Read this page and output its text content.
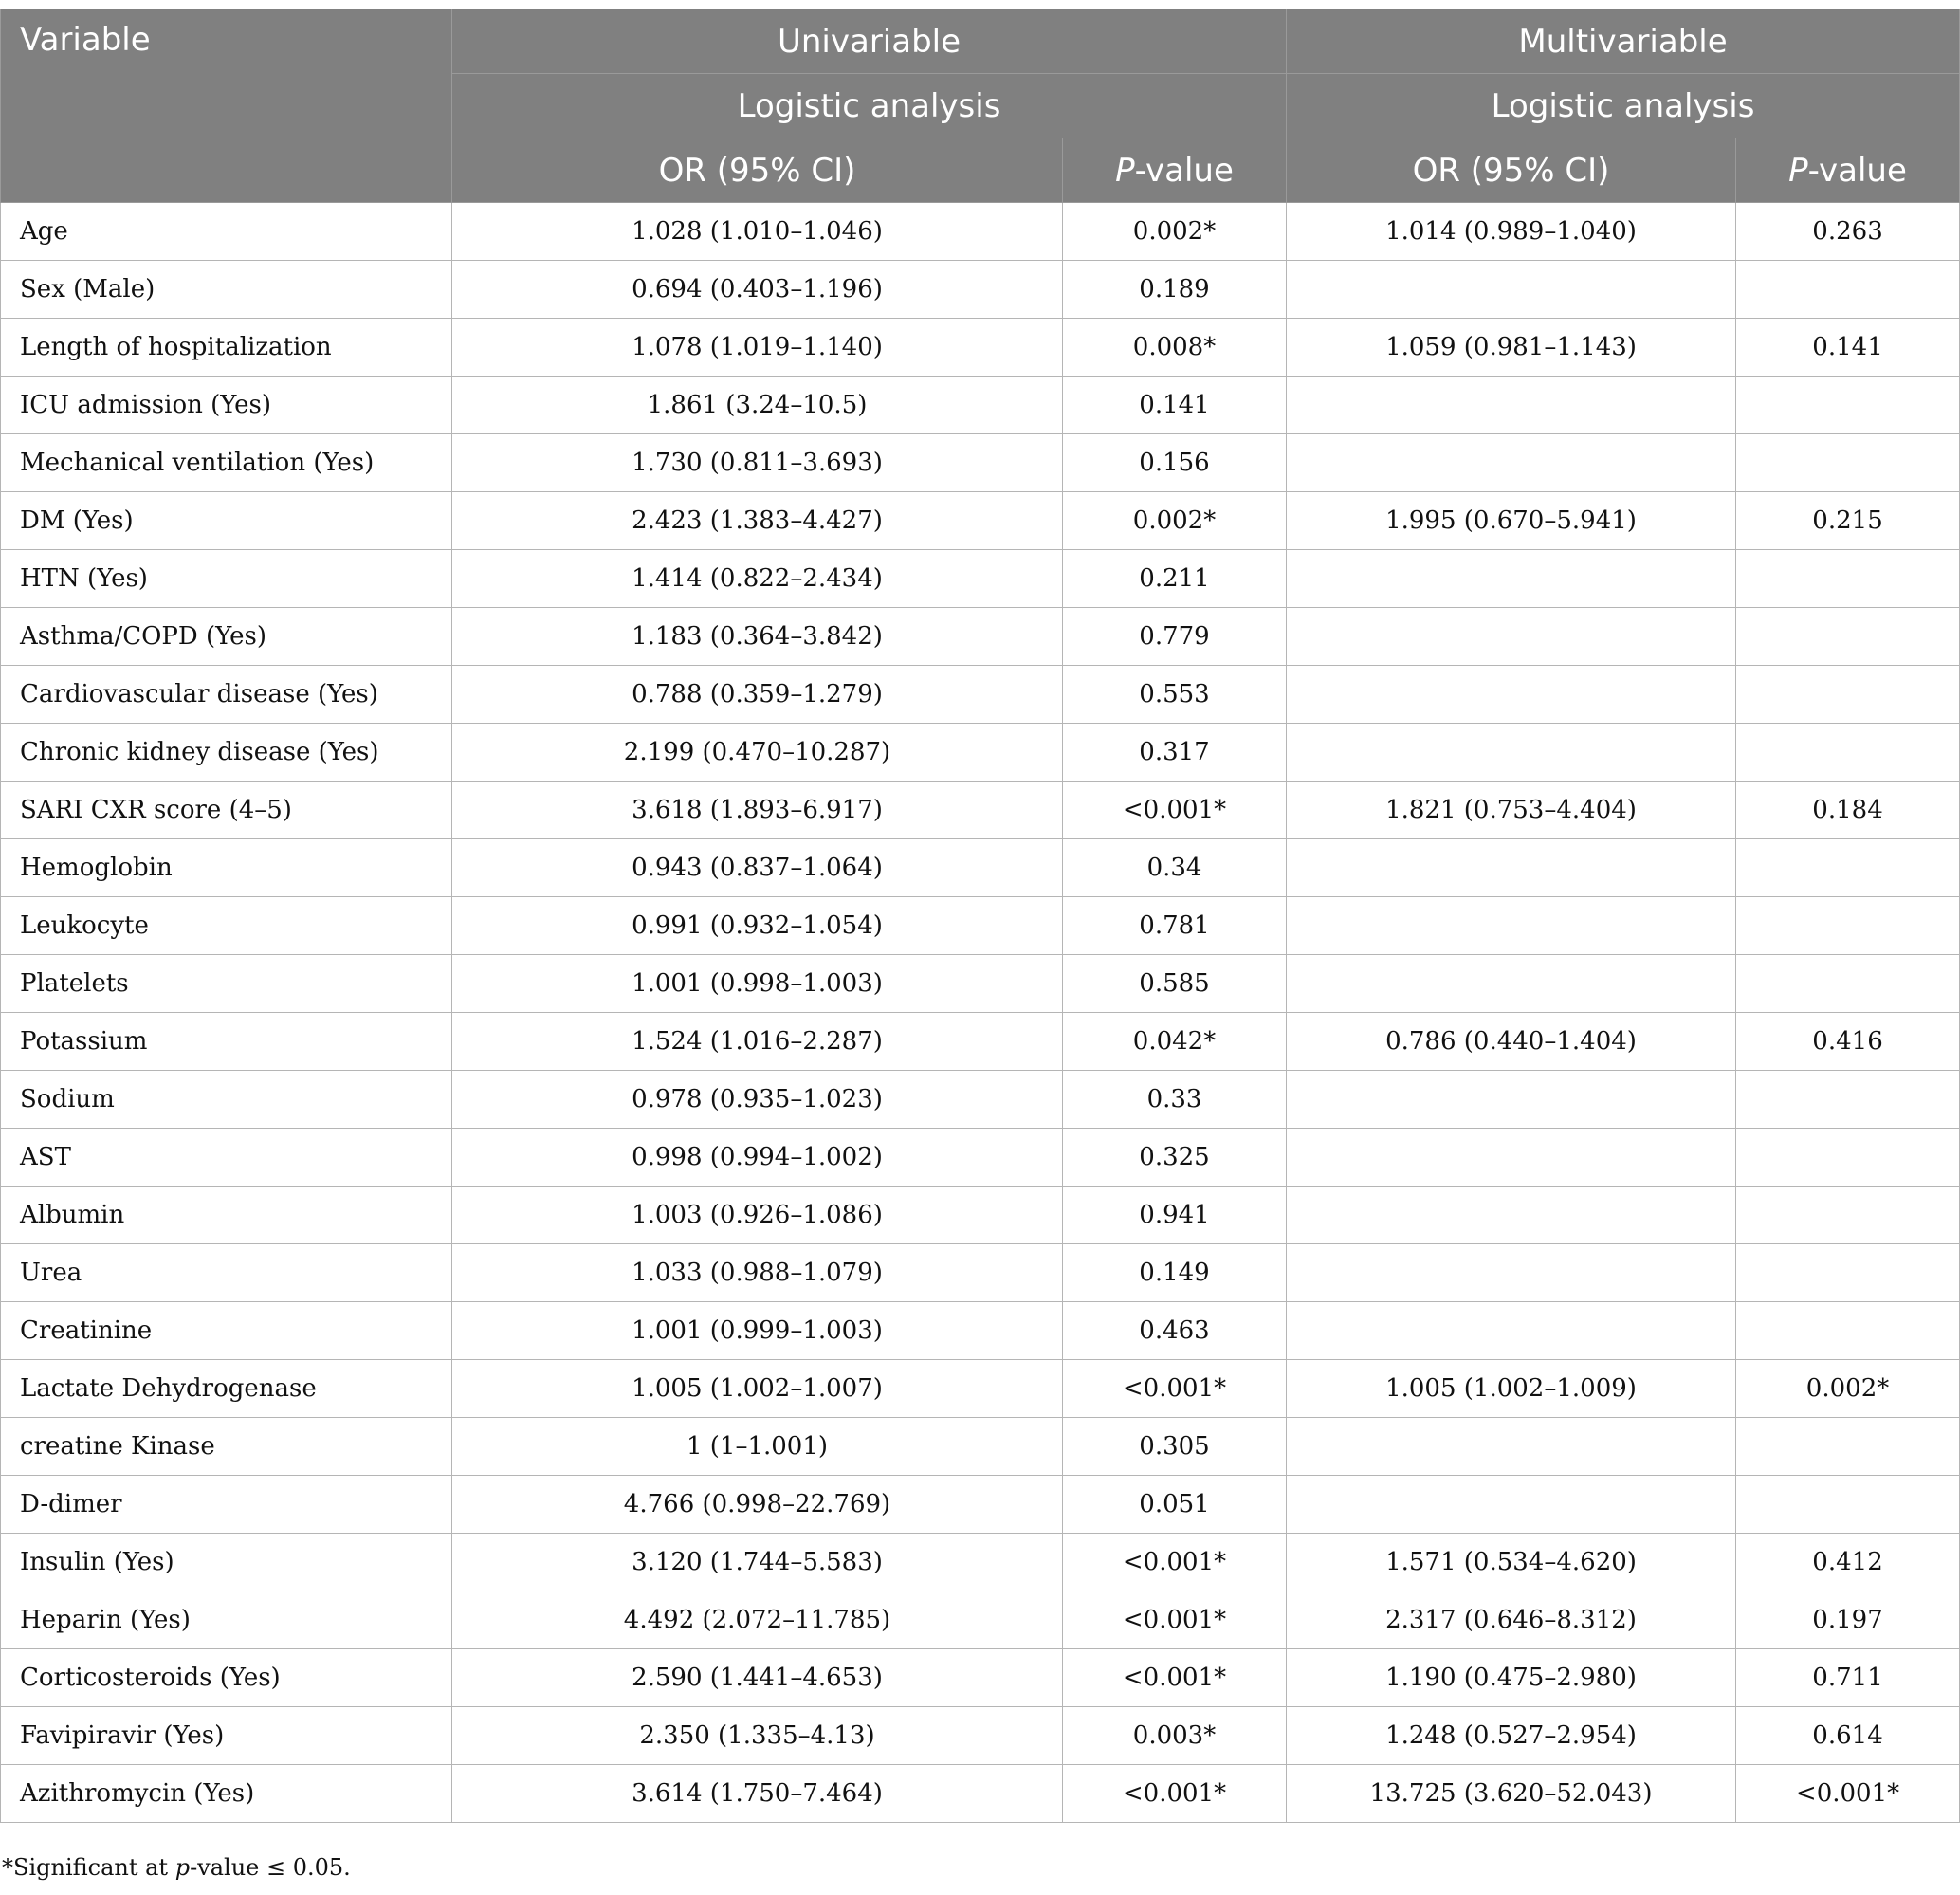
Variable	Univariable		Multivariable	
	Logistic analysis		Logistic analysis	
	OR (95% CI)	P-value	OR (95% CI)	P-value
Age	1.028 (1.010–1.046)	0.002*	1.014 (0.989–1.040)	0.263
Sex (Male)	0.694 (0.403–1.196)	0.189		
Length of hospitalization	1.078 (1.019–1.140)	0.008*	1.059 (0.981–1.143)	0.141
ICU admission (Yes)	1.861 (3.24–10.5)	0.141		
Mechanical ventilation (Yes)	1.730 (0.811–3.693)	0.156		
DM (Yes)	2.423 (1.383–4.427)	0.002*	1.995 (0.670–5.941)	0.215
HTN (Yes)	1.414 (0.822–2.434)	0.211		
Asthma/COPD (Yes)	1.183 (0.364–3.842)	0.779		
Cardiovascular disease (Yes)	0.788 (0.359–1.279)	0.553		
Chronic kidney disease (Yes)	2.199 (0.470–10.287)	0.317		
SARI CXR score (4–5)	3.618 (1.893–6.917)	<0.001*	1.821 (0.753–4.404)	0.184
Hemoglobin	0.943 (0.837–1.064)	0.34		
Leukocyte	0.991 (0.932–1.054)	0.781		
Platelets	1.001 (0.998–1.003)	0.585		
Potassium	1.524 (1.016–2.287)	0.042*	0.786 (0.440–1.404)	0.416
Sodium	0.978 (0.935–1.023)	0.33		
AST	0.998 (0.994–1.002)	0.325		
Albumin	1.003 (0.926–1.086)	0.941		
Urea	1.033 (0.988–1.079)	0.149		
Creatinine	1.001 (0.999–1.003)	0.463		
Lactate Dehydrogenase	1.005 (1.002–1.007)	<0.001*	1.005 (1.002–1.009)	0.002*
creatine Kinase	1 (1–1.001)	0.305		
D-dimer	4.766 (0.998–22.769)	0.051		
Insulin (Yes)	3.120 (1.744–5.583)	<0.001*	1.571 (0.534–4.620)	0.412
Heparin (Yes)	4.492 (2.072–11.785)	<0.001*	2.317 (0.646–8.312)	0.197
Corticosteroids (Yes)	2.590 (1.441–4.653)	<0.001*	1.190 (0.475–2.980)	0.711
Favipiravir (Yes)	2.350 (1.335–4.13)	0.003*	1.248 (0.527–2.954)	0.614
Azithromycin (Yes)	3.614 (1.750–7.464)	<0.001*	13.725 (3.620–52.043)	<0.001*
*Significant at p-value ≤ 0.05.
